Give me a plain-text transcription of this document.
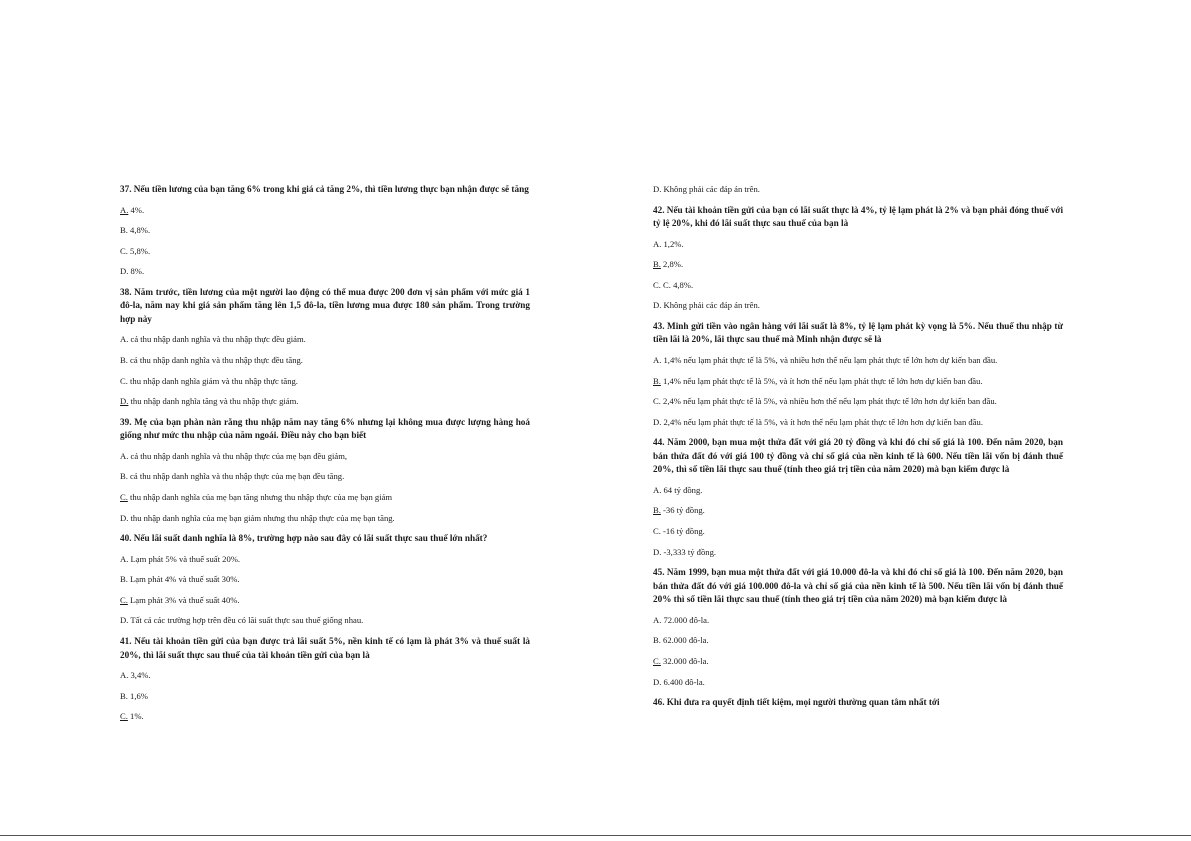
37. Nếu tiền lương của bạn tăng 6% trong khi giá cả tăng 2%, thì tiền lương thực bạn nhận được sẽ tăng

A. 4%.

B. 4,8%.

C. 5,8%.

D. 8%.

38. Năm trước, tiền lương của một người lao động có thể mua được 200 đơn vị sản phẩm với mức giá 1 đô-la, năm nay khi giá sản phẩm tăng lên 1,5 đô-la, tiền lương mua được 180 sản phẩm. Trong trường hợp này

A. cả thu nhập danh nghĩa và thu nhập thực đều giảm.

B. cả thu nhập danh nghĩa và thu nhập thực đều tăng.

C. thu nhập danh nghĩa giảm và thu nhập thực tăng.

D. thu nhập danh nghĩa tăng và thu nhập thực giảm.

39. Mẹ của bạn phàn nàn rằng thu nhập năm nay tăng 6% nhưng lại không mua được lượng hàng hoá giống như mức thu nhập của năm ngoái. Điều này cho bạn biết

A. cả thu nhập danh nghĩa và thu nhập thực của mẹ bạn đều giảm,

B. cả thu nhập danh nghĩa và thu nhập thực của mẹ bạn đều tăng.

C. thu nhập danh nghĩa của mẹ bạn tăng nhưng thu nhập thực của mẹ bạn giảm

D. thu nhập danh nghĩa của mẹ bạn giảm nhưng thu nhập thực của mẹ bạn tăng.

40. Nếu lãi suất danh nghĩa là 8%, trường hợp nào sau đây có lãi suất thực sau thuế lớn nhất?

A. Lạm phát 5% và thuế suất 20%.

B. Lạm phát 4% và thuế suất 30%.

C. Lạm phát 3% và thuế suất 40%.

D. Tất cả các trường hợp trên đều có lãi suất thực sau thuế giống nhau.

41. Nếu tài khoản tiền gửi của bạn được trả lãi suất 5%, nền kinh tế có lạm là phát 3% và thuế suất là 20%, thì lãi suất thực sau thuế của tài khoản tiền gửi của bạn là

A. 3,4%.

B. 1,6%

C. 1%.

D. Không phải các đáp án trên.

42. Nếu tài khoản tiền gửi của bạn có lãi suất thực là 4%, tỷ lệ lạm phát là 2% và bạn phải đóng thuế với tỷ lệ 20%, khi đó lãi suất thực sau thuế của bạn là

A. 1,2%.

B. 2,8%.

C. C. 4,8%.

D. Không phải các đáp án trên.

43. Minh gửi tiền vào ngân hàng với lãi suất là 8%, tỷ lệ lạm phát kỳ vọng là 5%. Nếu thuế thu nhập từ tiền lãi là 20%, lãi thực sau thuế mà Minh nhận được sẽ là

A. 1,4% nếu lạm phát thực tế là 5%, và nhiều hơn thế nếu lạm phát thực tế lớn hơn dự kiến ban đầu.

B. 1,4% nếu lạm phát thực tế là 5%, và ít hơn thế nếu lạm phát thực tế lớn hơn dự kiến ban đầu.

C. 2,4% nếu lạm phát thực tế là 5%, và nhiều hơn thế nếu lạm phát thực tế lớn hơn dự kiến ban đầu.

D. 2,4% nếu lạm phát thực tế là 5%, và ít hơn thế nếu lạm phát thực tế lớn hơn dự kiến ban đầu.

44. Năm 2000, bạn mua một thửa đất với giá 20 tỷ đồng và khi đó chỉ số giá là 100. Đến năm 2020, bạn bán thửa đất đó với giá 100 tỷ đồng và chỉ số giá của nền kinh tế là 600. Nếu tiền lãi vốn bị đánh thuế 20%, thì số tiền lãi thực sau thuế (tính theo giá trị tiền của năm 2020) mà bạn kiếm được là

A. 64 tỷ đồng.

B. -36 tỷ đồng.

C. -16 tỷ đồng.

D. -3,333 tỷ đồng.

45. Năm 1999, bạn mua một thửa đất với giá 10.000 đô-la và khi đó chỉ số giá là 100. Đến năm 2020, bạn bán thửa đất đó với giá 100.000 đô-la và chỉ số giá của nền kinh tế là 500. Nếu tiền lãi vốn bị đánh thuế 20% thì số tiền lãi thực sau thuế (tính theo giá trị tiền của năm 2020) mà bạn kiếm được là

A. 72.000 đô-la.

B. 62.000 đô-la.

C. 32.000 đô-la.

D. 6.400 đô-la.

46. Khi đưa ra quyết định tiết kiệm, mọi người thường quan tâm nhất tới
